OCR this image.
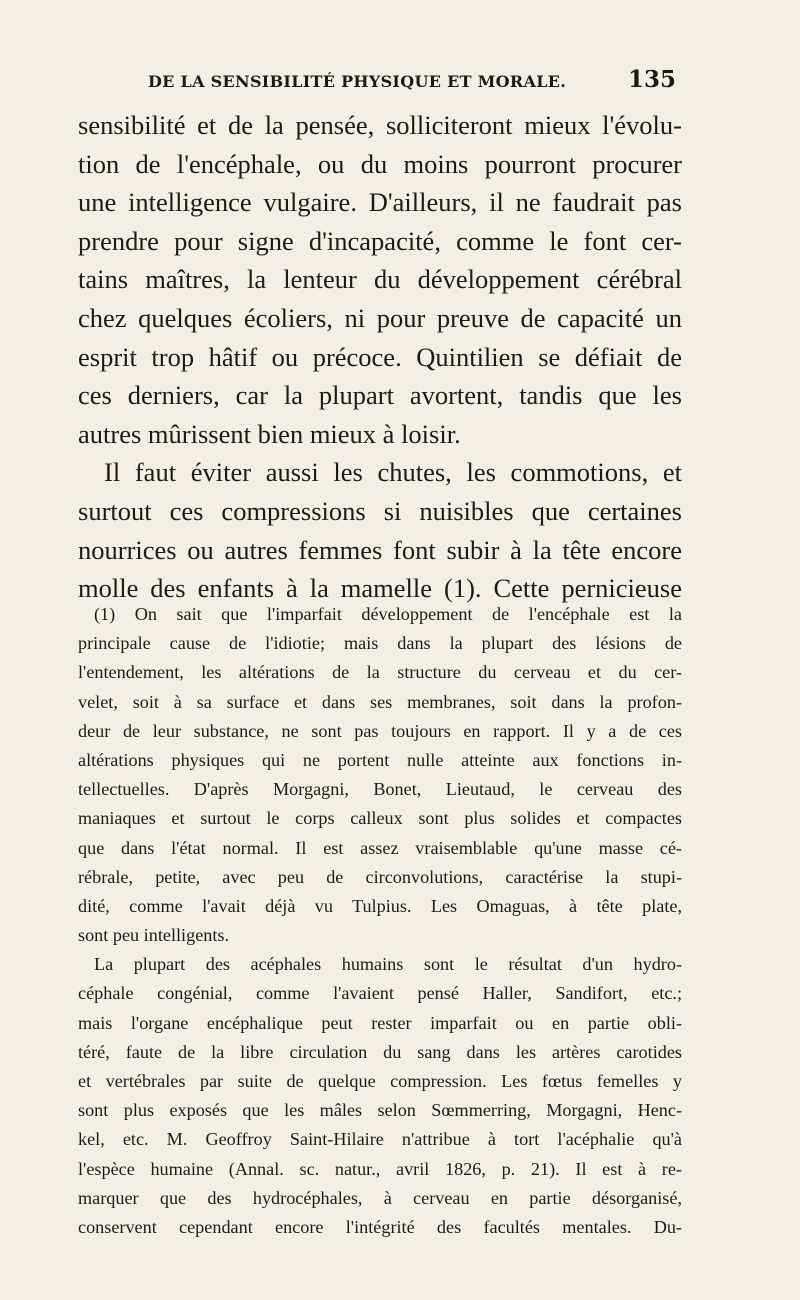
DE LA SENSIBILITÉ PHYSIQUE ET MORALE.	135
sensibilité et de la pensée, solliciteront mieux l'évolu-
tion de l'encéphale, ou du moins pourront procurer
une intelligence vulgaire. D'ailleurs, il ne faudrait pas
prendre pour signe d'incapacité, comme le font cer-
tains maîtres, la lenteur du développement cérébral
chez quelques écoliers, ni pour preuve de capacité un
esprit trop hâtif ou précoce. Quintilien se défiait de
ces derniers, car la plupart avortent, tandis que les
autres mûrissent bien mieux à loisir.
Il faut éviter aussi les chutes, les commotions, et
surtout ces compressions si nuisibles que certaines
nourrices ou autres femmes font subir à la tête encore
molle des enfants à la mamelle (1). Cette pernicieuse
(1) On sait que l'imparfait développement de l'encéphale est la
principale cause de l'idiotie; mais dans la plupart des lésions de
l'entendement, les altérations de la structure du cerveau et du cer-
velet, soit à sa surface et dans ses membranes, soit dans la profon-
deur de leur substance, ne sont pas toujours en rapport. Il y a de ces
altérations physiques qui ne portent nulle atteinte aux fonctions in-
tellectuelles. D'après Morgagni, Bonet, Lieutaud, le cerveau des
maniaques et surtout le corps calleux sont plus solides et compactes
que dans l'état normal. Il est assez vraisemblable qu'une masse cé-
rébrale, petite, avec peu de circonvolutions, caractérise la stupi-
dité, comme l'avait déjà vu Tulpius. Les Omaguas, à tête plate,
sont peu intelligents.
La plupart des acéphales humains sont le résultat d'un hydro-
céphale congénial, comme l'avaient pensé Haller, Sandifort, etc.;
mais l'organe encéphalique peut rester imparfait ou en partie obli-
téré, faute de la libre circulation du sang dans les artères carotides
et vertébrales par suite de quelque compression. Les fœtus femelles y
sont plus exposés que les mâles selon Sœmmerring, Morgagni, Henc-
kel, etc. M. Geoffroy Saint-Hilaire n'attribue à tort l'acéphalie qu'à
l'espèce humaine (Annal. sc. natur., avril 1826, p. 21). Il est à re-
marquer que des hydrocéphales, à cerveau en partie désorganisé,
conservent cependant encore l'intégrité des facultés mentales. Du-
